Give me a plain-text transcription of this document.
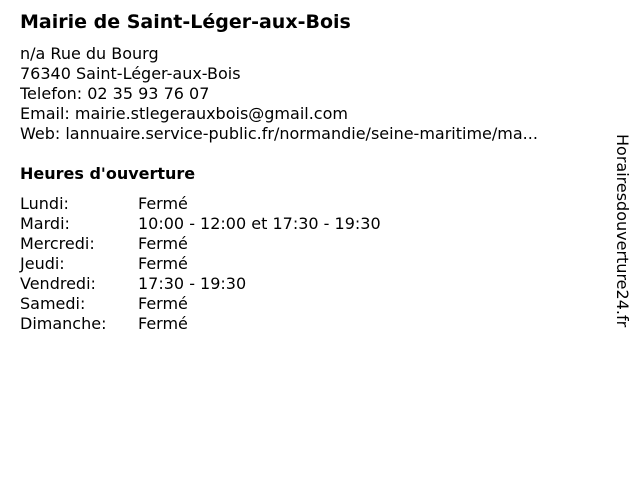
Mairie de Saint-Léger-aux-Bois
n/a Rue du Bourg
76340 Saint-Léger-aux-Bois
Telefon: 02 35 93 76 07
Email: mairie.stlegerauxbois@gmail.com
Web: lannuaire.service-public.fr/normandie/seine-maritime/ma...
Heures d'ouverture
Lundi:	Fermé
Mardi:	10:00 - 12:00 et 17:30 - 19:30
Mercredi:	Fermé
Jeudi:	Fermé
Vendredi:	17:30 - 19:30
Samedi:	Fermé
Dimanche:	Fermé	Horairesdouverture24.fr
